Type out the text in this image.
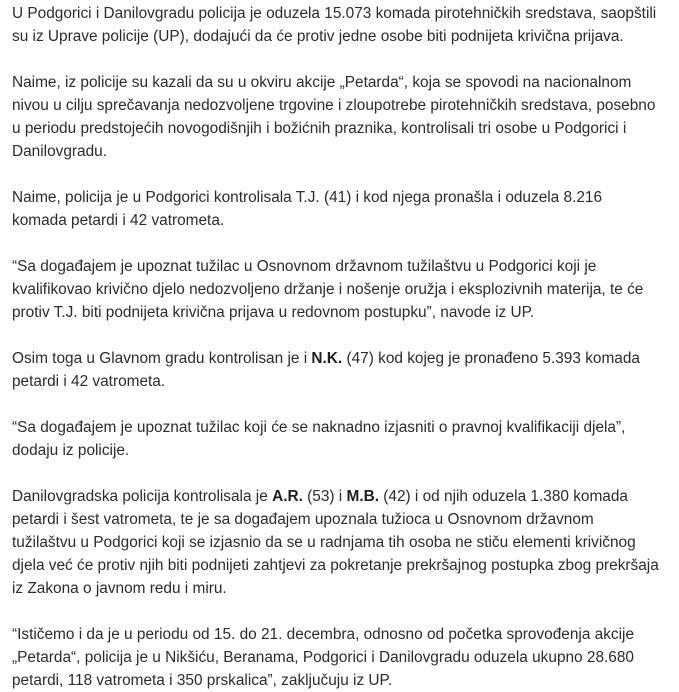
U Podgorici i Danilovgradu policija je oduzela 15.073 komada pirotehničkih sredstava, saopštili su iz Uprave policije (UP), dodajući da će protiv jedne osobe biti podnijeta krivična prijava.

Naime, iz policije su kazali da su u okviru akcije „Petarda“, koja se spovodi na nacionalnom nivou u cilju sprečavanja nedozvoljene trgovine i zloupotrebe pirotehničkih sredstava, posebno u periodu predstojećih novogodišnjih i božićnih praznika, kontrolisali tri osobe u Podgorici i Danilovgradu.

Naime, policija je u Podgorici kontrolisala T.J. (41) i kod njega pronašla i oduzela 8.216 komada petardi i 42 vatrometa.

“Sa događajem je upoznat tužilac u Osnovnom državnom tužilaštvu u Podgorici koji je kvalifikovao krivično djelo nedozvoljeno držanje i nošenje oružja i eksplozivnih materija, te će protiv T.J. biti podnijeta krivična prijava u redovnom postupku”, navode iz UP.

Osim toga u Glavnom gradu kontrolisan je i N.K. (47) kod kojeg je pronađeno 5.393 komada petardi i 42 vatrometa.

“Sa događajem je upoznat tužilac koji će se naknadno izjasniti o pravnoj kvalifikaciji djela”, dodaju iz policije.

Danilovgradska policija kontrolisala je A.R. (53) i M.B. (42) i od njih oduzela 1.380 komada petardi i šest vatrometa, te je sa događajem upoznala tužioca u Osnovnom državnom tužilaštvu u Podgorici koji se izjasnio da se u radnjama tih osoba ne stiču elementi krivičnog djela već će protiv njih biti podnijeti zahtjevi za pokretanje prekršajnog postupka zbog prekršaja iz Zakona o javnom redu i miru.

“Ističemo i da je u periodu od 15. do 21. decembra, odnosno od početka sprovođenja akcije „Petarda“, policija je u Nikšiću, Beranama, Podgorici i Danilovgradu oduzela ukupno 28.680 petardi, 118 vatrometa i 350 prskalica”, zaključuju iz UP.
